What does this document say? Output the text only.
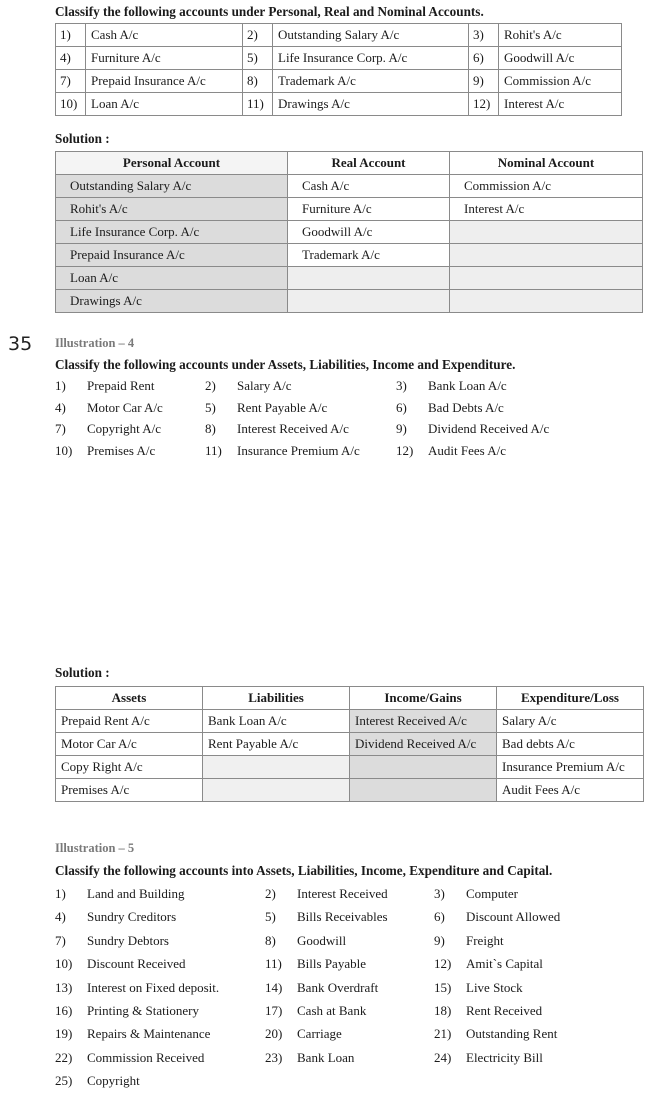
Classify the following accounts under Personal, Real and Nominal Accounts.
1)	Cash A/c	2)	Outstanding Salary A/c	3)	Rohit's A/c
4)	Furniture A/c	5)	Life Insurance Corp. A/c	6)	Goodwill A/c
7)	Prepaid Insurance A/c	8)	Trademark A/c	9)	Commission A/c
10)	Loan A/c	11)	Drawings A/c	12)	Interest A/c
Solution :
Personal Account	Real Account	Nominal Account
Outstanding Salary A/c	Cash A/c	Commission A/c
Rohit's A/c	Furniture A/c	Interest A/c
Life Insurance Corp. A/c	Goodwill A/c	
Prepaid Insurance A/c	Trademark A/c	
Loan A/c		
Drawings A/c		
35 Illustration – 4
Classify the following accounts under Assets, Liabilities, Income and Expenditure.
1) Prepaid Rent	2) Salary A/c	3) Bank Loan A/c
4) Motor Car A/c	5) Rent Payable A/c	6) Bad Debts A/c
7) Copyright A/c	8) Interest Received A/c	9) Dividend Received A/c
10) Premises A/c	11) Insurance Premium A/c	12) Audit Fees A/c
Solution :
Assets	Liabilities	Income/Gains	Expenditure/Loss
Prepaid Rent A/c	Bank Loan A/c	Interest Received A/c	Salary A/c
Motor Car A/c	Rent Payable A/c	Dividend Received A/c	Bad debts A/c
Copy Right A/c			Insurance Premium A/c
Premises A/c			Audit Fees A/c
Illustration – 5
Classify the following accounts into Assets, Liabilities, Income, Expenditure and Capital.
1) Land and Building	2) Interest Received	3) Computer
4) Sundry Creditors	5) Bills Receivables	6) Discount Allowed
7) Sundry Debtors	8) Goodwill	9) Freight
10) Discount Received	11) Bills Payable	12) Amit`s Capital
13) Interest on Fixed deposit.	14) Bank Overdraft	15) Live Stock
16) Printing & Stationery	17) Cash at Bank	18) Rent Received
19) Repairs & Maintenance	20) Carriage	21) Outstanding Rent
22) Commission Received	23) Bank Loan	24) Electricity Bill
25) Copyright
